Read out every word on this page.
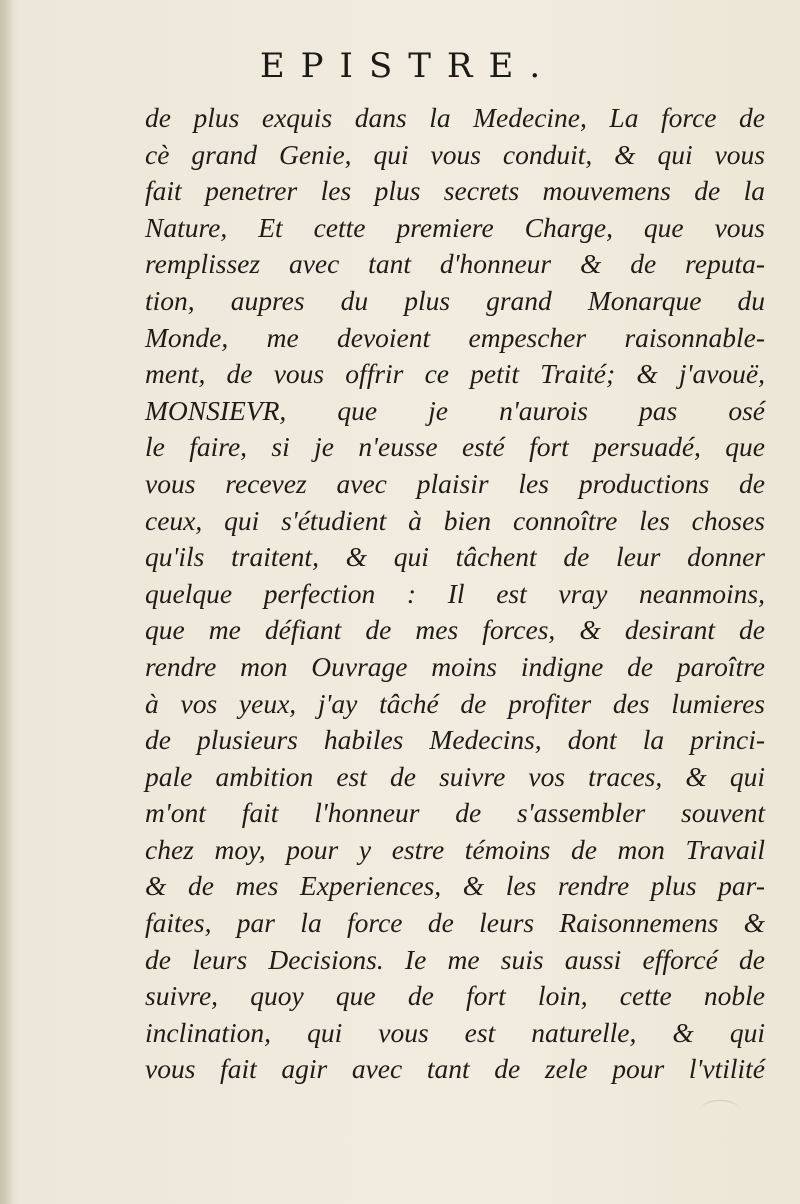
EPISTRE.
de plus exquis dans la Medecine, La force de
cè grand Genie, qui vous conduit, & qui vous
fait penetrer les plus secrets mouvemens de la
Nature, Et cette premiere Charge, que vous
remplissez avec tant d'honneur & de reputa-
tion, aupres du plus grand Monarque du
Monde, me devoient empescher raisonnable-
ment, de vous offrir ce petit Traité; & j'avouë,
MONSIEVR, que je n'aurois pas osé
le faire, si je n'eusse esté fort persuadé, que
vous recevez avec plaisir les productions de
ceux, qui s'étudient à bien connoître les choses
qu'ils traitent, & qui tâchent de leur donner
quelque perfection : Il est vray neanmoins,
que me défiant de mes forces, & desirant de
rendre mon Ouvrage moins indigne de paroître
à vos yeux, j'ay tâché de profiter des lumieres
de plusieurs habiles Medecins, dont la princi-
pale ambition est de suivre vos traces, & qui
m'ont fait l'honneur de s'assembler souvent
chez moy, pour y estre témoins de mon Travail
& de mes Experiences, & les rendre plus par-
faites, par la force de leurs Raisonnemens &
de leurs Decisions. Ie me suis aussi efforcé de
suivre, quoy que de fort loin, cette noble
inclination, qui vous est naturelle, & qui
vous fait agir avec tant de zele pour l'vtilité
